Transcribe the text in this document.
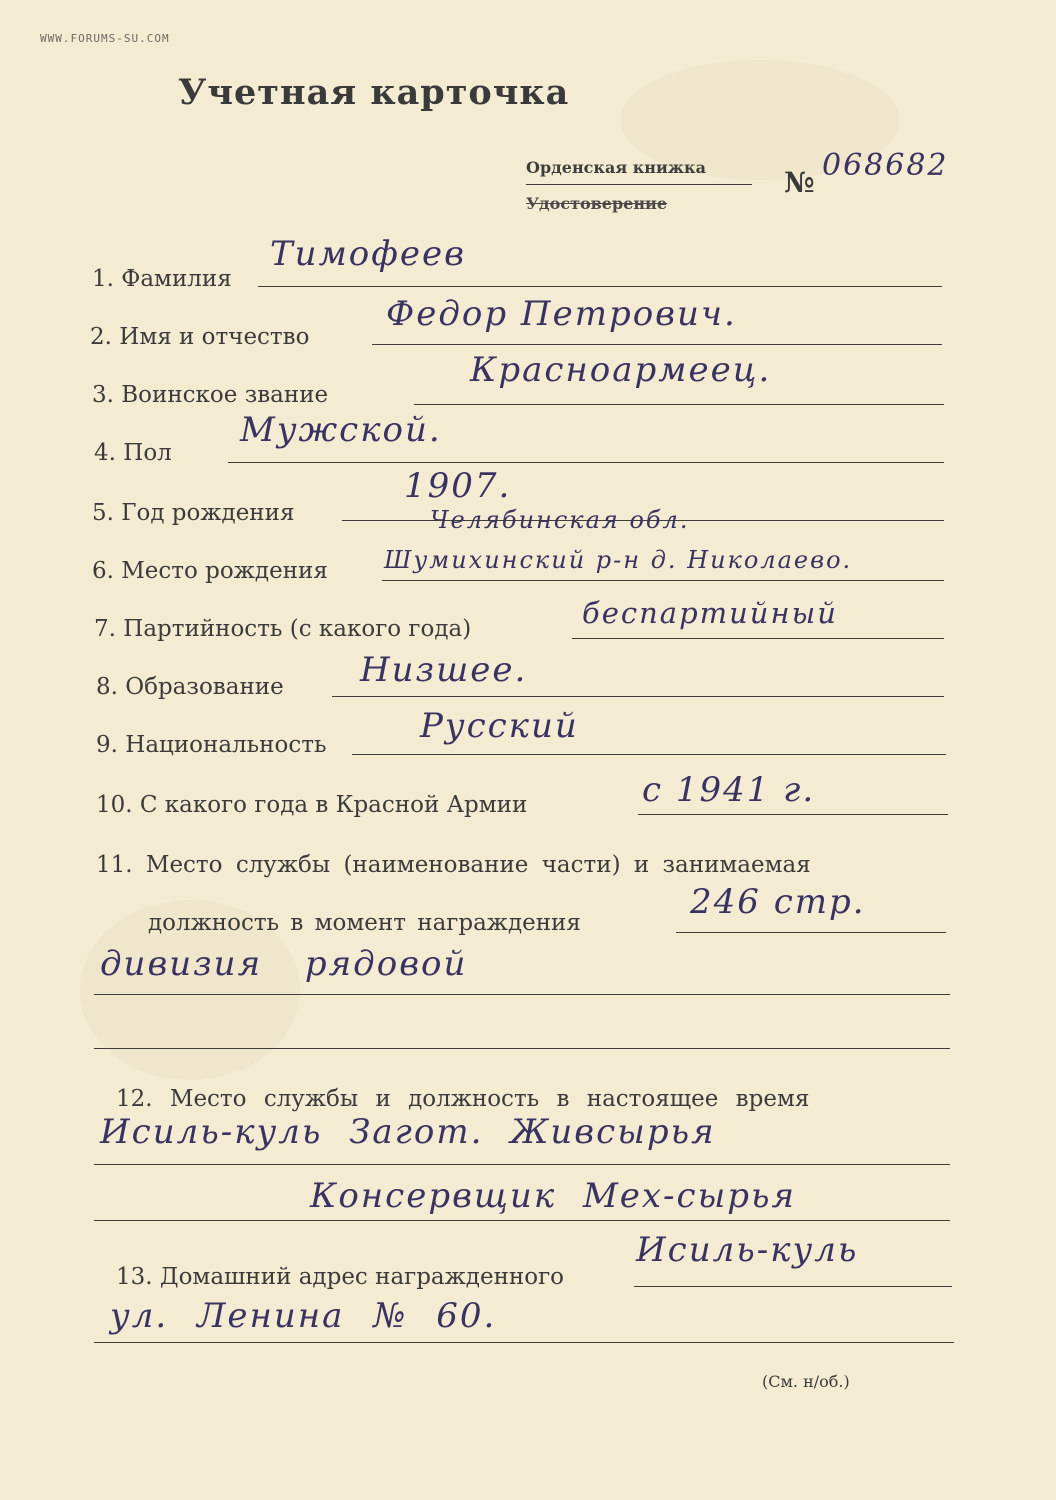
WWW.FORUMS-SU.COM
Учетная карточка
Орденская книжка
Удостоверение
№ 068682
1. Фамилия
Тимофеев
2. Имя и отчество
Федор Петрович.
3. Воинское звание
Красноармеец.
4. Пол
Мужской.
5. Год рождения
1907.
6. Место рождения
Челябинская обл.
Шумихинский р-н д. Николаево.
7. Партийность (с какого года)	беспартийный
8. Образование Низшее.
9. Национальность	Русский
10. С какого года в Красной Армии	с 1941 г.
11. Место службы (наименование части) и занимаемая
должность в момент награждения
246 стр.
дивизия рядовой
12. Место службы и должность в настоящее время
Исиль-куль Загот. Живсырья
Консервщик Мех-сырья
13. Домашний адрес награжденного
Исиль-куль
ул. Ленина № 60.
(См. н/об.)
